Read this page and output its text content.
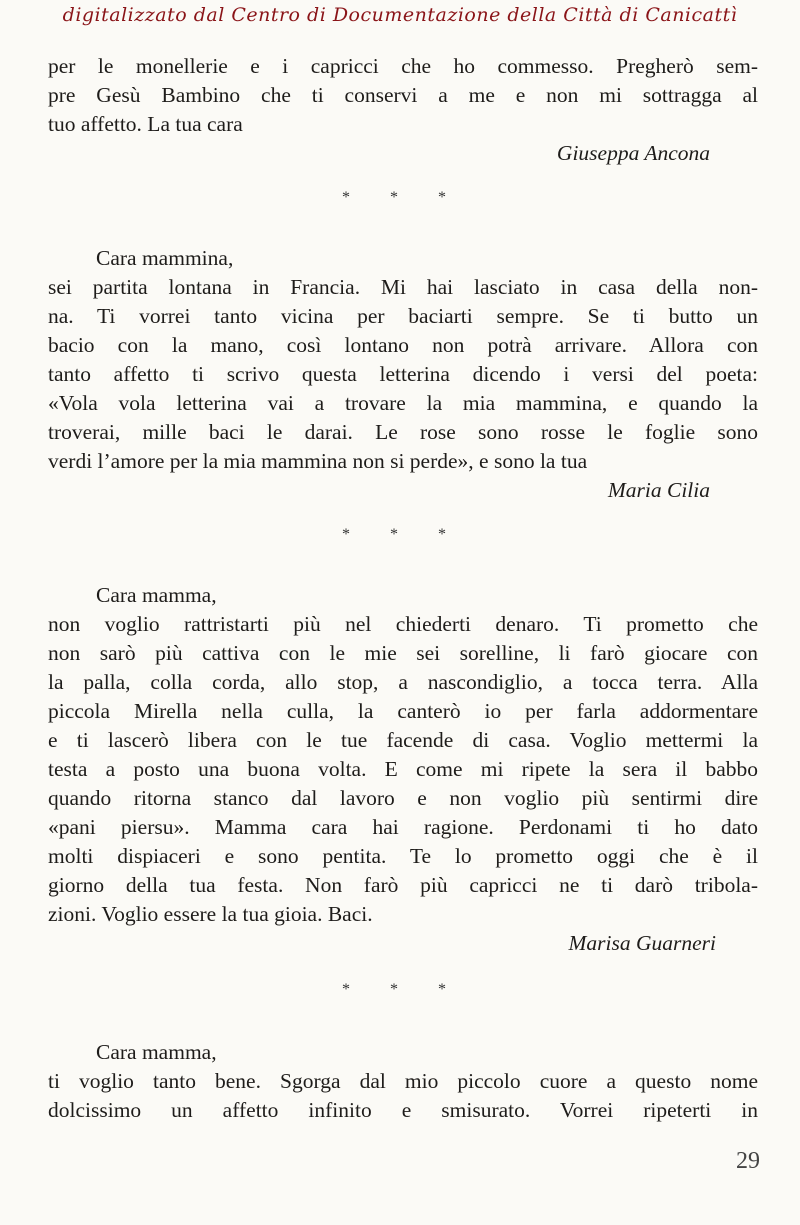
digitalizzato dal Centro di Documentazione della Città di Canicattì

per le monellerie e i capricci che ho commesso. Pregherò sem-

pre Gesù Bambino che ti conservi a me e non mi sottragga al

tuo affetto. La tua cara

Giuseppa Ancona

* * *

Cara mammina,

sei partita lontana in Francia. Mi hai lasciato in casa della non-

na. Ti vorrei tanto vicina per baciarti sempre. Se ti butto un

bacio con la mano, così lontano non potrà arrivare. Allora con

tanto affetto ti scrivo questa letterina dicendo i versi del poeta:

«Vola vola letterina vai a trovare la mia mammina, e quando la

troverai, mille baci le darai. Le rose sono rosse le foglie sono

verdi l’amore per la mia mammina non si perde», e sono la tua

Maria Cilia

* * *

Cara mamma,

non voglio rattristarti più nel chiederti denaro. Ti prometto che

non sarò più cattiva con le mie sei sorelline, li farò giocare con

la palla, colla corda, allo stop, a nascondiglio, a tocca terra. Alla

piccola Mirella nella culla, la canterò io per farla addormentare

e ti lascerò libera con le tue facende di casa. Voglio mettermi la

testa a posto una buona volta. E come mi ripete la sera il babbo

quando ritorna stanco dal lavoro e non voglio più sentirmi dire

«pani piersu». Mamma cara hai ragione. Perdonami ti ho dato

molti dispiaceri e sono pentita. Te lo prometto oggi che è il

giorno della tua festa. Non farò più capricci ne ti darò tribola-

zioni. Voglio essere la tua gioia. Baci.

Marisa Guarneri

* * *

Cara mamma,

ti voglio tanto bene. Sgorga dal mio piccolo cuore a questo nome

dolcissimo un affetto infinito e smisurato. Vorrei ripeterti in

29
